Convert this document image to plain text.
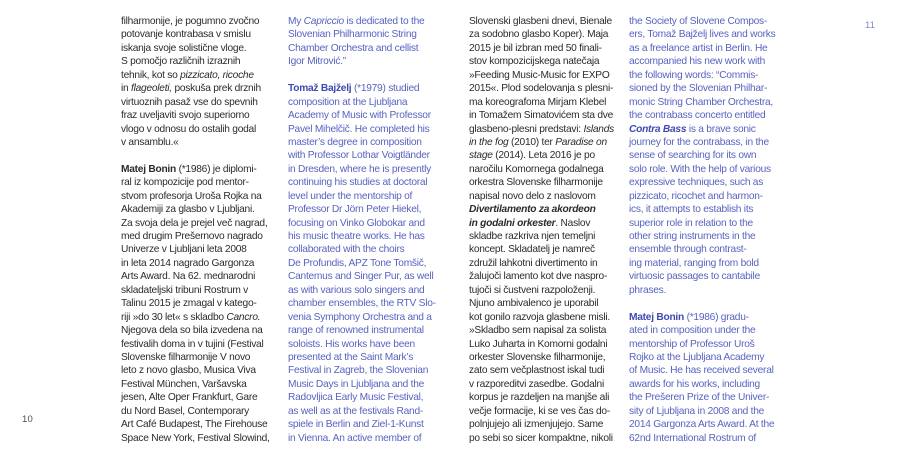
filharmonije, je pogumno zvočno
potovanje kontrabasa v smislu
iskanja svoje solistične vloge.
S pomočjo različnih izraznih
tehnik, kot so pizzicato, ricoche
in flageoleti, poskuša prek drznih
virtuoznih pasaž vse do spevnih
fraz uveljaviti svojo superiorno
vlogo v odnosu do ostalih godal
v ansamblu.«

Matej Bonin (*1986) je diplomi-
ral iz kompozicije pod mentor-
stvom profesorja Uroša Rojka na
Akademiji za glasbo v Ljubljani.
Za svoja dela je prejel več nagrad,
med drugim Prešernovo nagrado
Univerze v Ljubljani leta 2008
in leta 2014 nagrado Gargonza
Arts Award. Na 62. mednarodni
skladateljski tribuni Rostrum v
Talinu 2015 je zmagal v katego-
riji »do 30 let« s skladbo Cancro.
Njegova dela so bila izvedena na
festivalih doma in v tujini (Festival
Slovenske filharmonije V novo
leto z novo glasbo, Musica Viva
Festival München, Varšavska
jesen, Alte Oper Frankfurt, Gare
du Nord Basel, Contemporary
Art Café Budapest, The Firehouse
Space New York, Festival Slowind,
My Capriccio is dedicated to the
Slovenian Philharmonic String
Chamber Orchestra and cellist
Igor Mitrović.”

Tomaž Bajželj (*1979) studied
composition at the Ljubljana
Academy of Music with Professor
Pavel Mihelčič. He completed his
master’s degree in composition
with Professor Lothar Voigtländer
in Dresden, where he is presently
continuing his studies at doctoral
level under the mentorship of
Professor Dr Jörn Peter Hiekel,
focusing on Vinko Globokar and
his music theatre works. He has
collaborated with the choirs
De Profundis, APZ Tone Tomšič,
Cantemus and Singer Pur, as well
as with various solo singers and
chamber ensembles, the RTV Slo-
venia Symphony Orchestra and a
range of renowned instrumental
soloists. His works have been
presented at the Saint Mark’s
Festival in Zagreb, the Slovenian
Music Days in Ljubljana and the
Radovljica Early Music Festival,
as well as at the festivals Rand-
spiele in Berlin and Ziel-1-Kunst
in Vienna. An active member of
Slovenski glasbeni dnevi, Bienale
za sodobno glasbo Koper). Maja
2015 je bil izbran med 50 finali-
stov kompozicijskega natečaja
»Feeding Music-Music for EXPO
2015«. Plod sodelovanja s plesni-
ma koreografoma Mirjam Klebel
in Tomažem Simatovićem sta dve
glasbeno-plesni predstavi: Islands
in the fog (2010) ter Paradise on
stage (2014). Leta 2016 je po
naročilu Komornega godalnega
orkestra Slovenske filharmonije
napisal novo delo z naslovom
Divertilamento za akordeon
in godalni orkester. Naslov
skladbe razkriva njen temeljni
koncept. Skladatelj je namreč
združil lahkotni divertimento in
žalujoči lamento kot dve naspro-
tujoči si čustveni razpoloženji.
Njuno ambivalenco je uporabil
kot gonilo razvoja glasbene misli.
»Skladbo sem napisal za solista
Luko Juharta in Komorni godalni
orkester Slovenske filharmonije,
zato sem večplastnost iskal tudi
v razporeditvi zasedbe. Godalni
korpus je razdeljen na manjše ali
večje formacije, ki se ves čas do-
polnjujejo ali izmenjujejo. Same
po sebi so sicer kompaktne, nikoli
the Society of Slovene Compos-
ers, Tomaž Bajželj lives and works
as a freelance artist in Berlin. He
accompanied his new work with
the following words: “Commis-
sioned by the Slovenian Philhar-
monic String Chamber Orchestra,
the contrabass concerto entitled
Contra Bass is a brave sonic
journey for the contrabass, in the
sense of searching for its own
solo role. With the help of various
expressive techniques, such as
pizzicato, ricochet and harmon-
ics, it attempts to establish its
superior role in relation to the
other string instruments in the
ensemble through contrast-
ing material, ranging from bold
virtuosic passages to cantabile
phrases.

Matej Bonin (*1986) gradu-
ated in composition under the
mentorship of Professor Uroš
Rojko at the Ljubljana Academy
of Music. He has received several
awards for his works, including
the Prešeren Prize of the Univer-
sity of Ljubljana in 2008 and the
2014 Gargonza Arts Award. At the
62nd International Rostrum of
10
11
